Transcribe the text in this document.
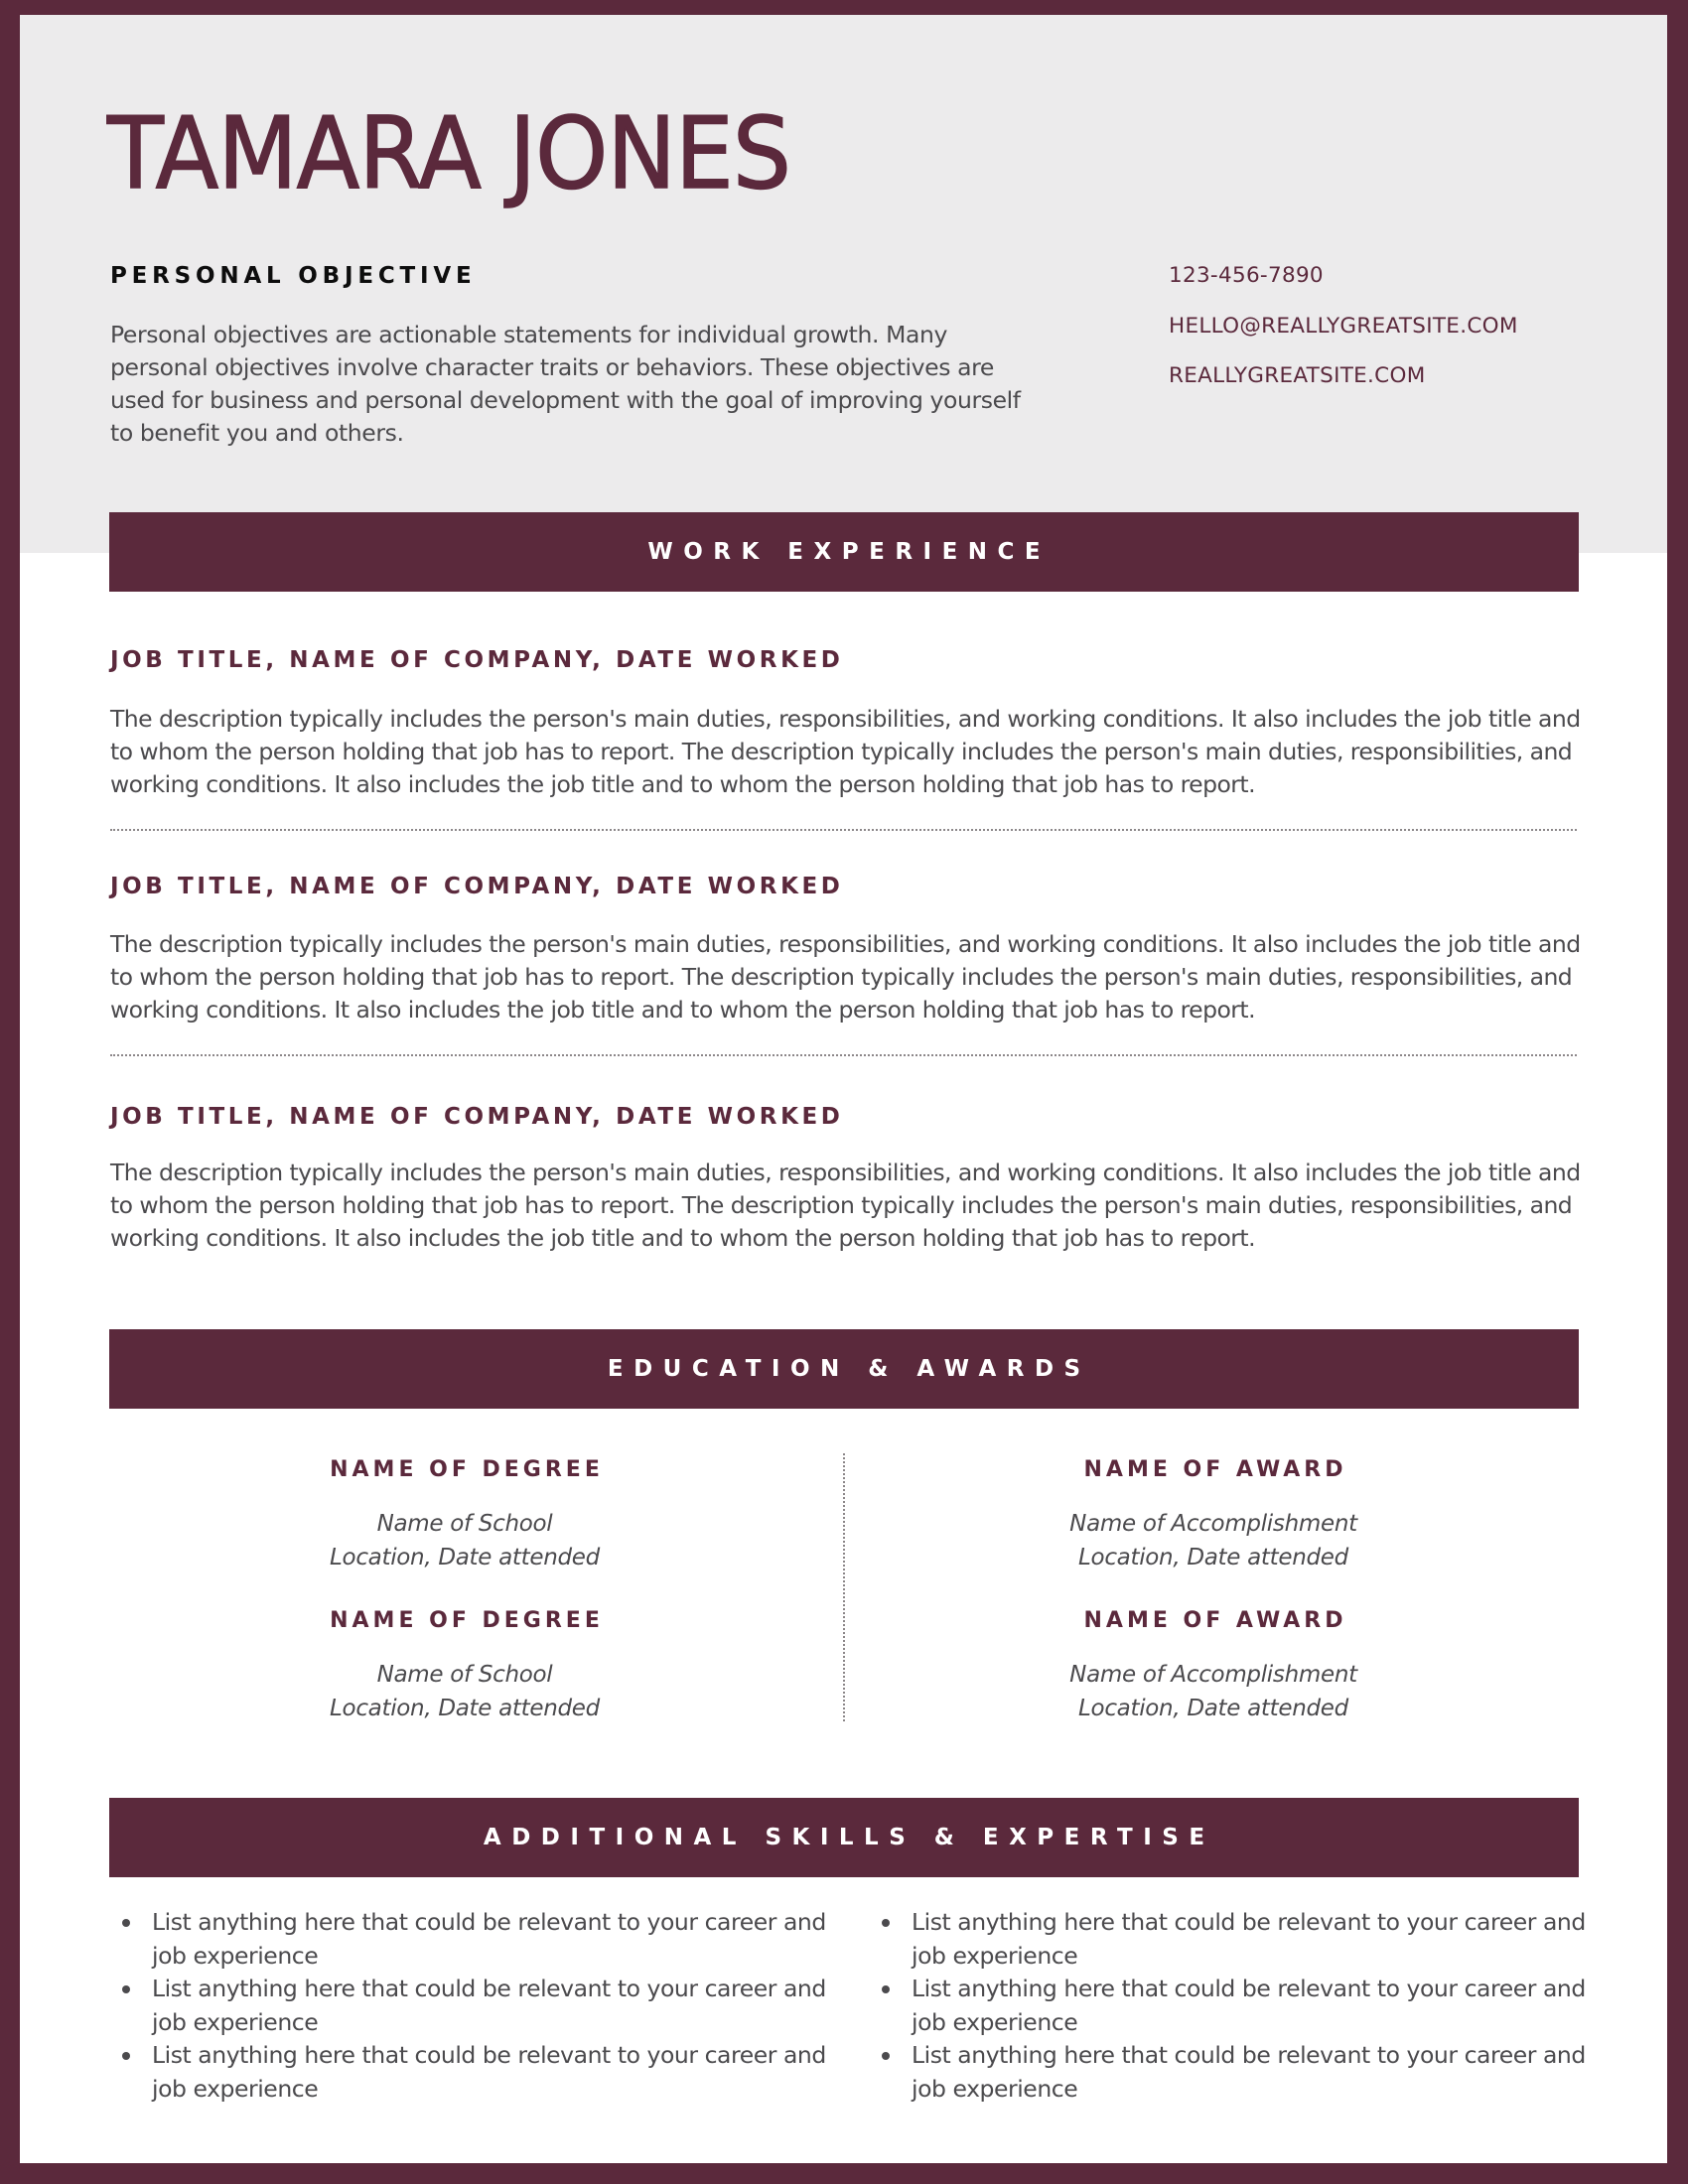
TAMARA JONES
PERSONAL OBJECTIVE
Personal objectives are actionable statements for individual growth. Many personal objectives involve character traits or behaviors. These objectives are used for business and personal development with the goal of improving yourself to benefit you and others.
123-456-7890
HELLO@REALLYGREATSITE.COM
REALLYGREATSITE.COM
WORK EXPERIENCE
JOB TITLE, NAME OF COMPANY, DATE WORKED
The description typically includes the person's main duties, responsibilities, and working conditions. It also includes the job title and to whom the person holding that job has to report. The description typically includes the person's main duties, responsibilities, and working conditions. It also includes the job title and to whom the person holding that job has to report.
JOB TITLE, NAME OF COMPANY, DATE WORKED
The description typically includes the person's main duties, responsibilities, and working conditions. It also includes the job title and to whom the person holding that job has to report. The description typically includes the person's main duties, responsibilities, and working conditions. It also includes the job title and to whom the person holding that job has to report.
JOB TITLE, NAME OF COMPANY, DATE WORKED
The description typically includes the person's main duties, responsibilities, and working conditions. It also includes the job title and to whom the person holding that job has to report. The description typically includes the person's main duties, responsibilities, and working conditions. It also includes the job title and to whom the person holding that job has to report.
EDUCATION & AWARDS
NAME OF DEGREE
Name of School
Location, Date attended
NAME OF DEGREE
Name of School
Location, Date attended
NAME OF AWARD
Name of Accomplishment
Location, Date attended
NAME OF AWARD
Name of Accomplishment
Location, Date attended
ADDITIONAL SKILLS & EXPERTISE
List anything here that could be relevant to your career and job experience
List anything here that could be relevant to your career and job experience
List anything here that could be relevant to your career and job experience
List anything here that could be relevant to your career and job experience
List anything here that could be relevant to your career and job experience
List anything here that could be relevant to your career and job experience
